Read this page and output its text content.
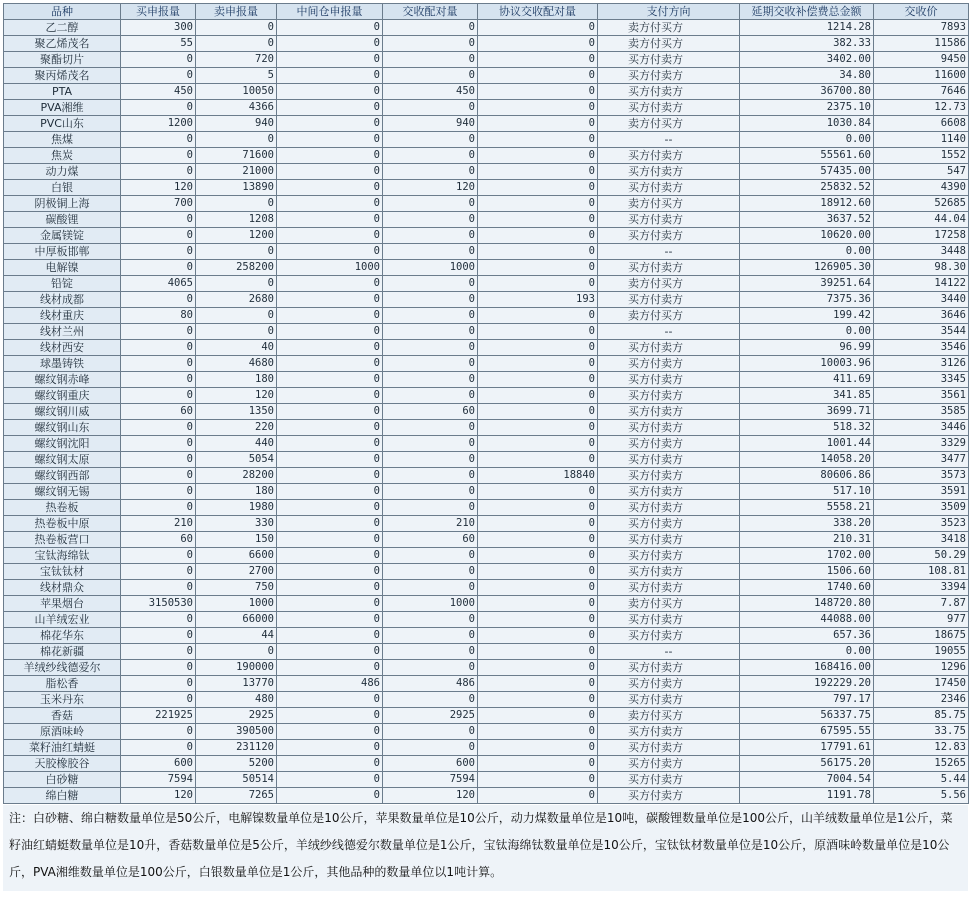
品种	买申报量	卖申报量	中间仓申报量	交收配对量	协议交收配对量	支付方向	延期交收补偿费总金额	交收价
乙二醇	300	0	0	0	0	卖方付买方	1214.28	7893
聚乙烯茂名	55	0	0	0	0	卖方付买方	382.33	11586
聚酯切片	0	720	0	0	0	买方付卖方	3402.00	9450
聚丙烯茂名	0	5	0	0	0	买方付卖方	34.80	11600
PTA	450	10050	0	450	0	买方付卖方	36700.80	7646
PVA湘维	0	4366	0	0	0	买方付卖方	2375.10	12.73
PVC山东	1200	940	0	940	0	卖方付买方	1030.84	6608
焦煤	0	0	0	0	0	--	0.00	1140
焦炭	0	71600	0	0	0	买方付卖方	55561.60	1552
动力煤	0	21000	0	0	0	买方付卖方	57435.00	547
白银	120	13890	0	120	0	买方付卖方	25832.52	4390
阴极铜上海	700	0	0	0	0	卖方付买方	18912.60	52685
碳酸锂	0	1208	0	0	0	买方付卖方	3637.52	44.04
金属镁锭	0	1200	0	0	0	买方付卖方	10620.00	17258
中厚板邯郸	0	0	0	0	0	--	0.00	3448
电解镍	0	258200	1000	1000	0	买方付卖方	126905.30	98.30
铅锭	4065	0	0	0	0	卖方付买方	39251.64	14122
线材成都	0	2680	0	0	193	买方付卖方	7375.36	3440
线材重庆	80	0	0	0	0	卖方付买方	199.42	3646
线材兰州	0	0	0	0	0	--	0.00	3544
线材西安	0	40	0	0	0	买方付卖方	96.99	3546
球墨铸铁	0	4680	0	0	0	买方付卖方	10003.96	3126
螺纹钢赤峰	0	180	0	0	0	买方付卖方	411.69	3345
螺纹钢重庆	0	120	0	0	0	买方付卖方	341.85	3561
螺纹钢川威	60	1350	0	60	0	买方付卖方	3699.71	3585
螺纹钢山东	0	220	0	0	0	买方付卖方	518.32	3446
螺纹钢沈阳	0	440	0	0	0	买方付卖方	1001.44	3329
螺纹钢太原	0	5054	0	0	0	买方付卖方	14058.20	3477
螺纹钢西部	0	28200	0	0	18840	买方付卖方	80606.86	3573
螺纹钢无锡	0	180	0	0	0	买方付卖方	517.10	3591
热卷板	0	1980	0	0	0	买方付卖方	5558.21	3509
热卷板中原	210	330	0	210	0	买方付卖方	338.20	3523
热卷板营口	60	150	0	60	0	买方付卖方	210.31	3418
宝钛海绵钛	0	6600	0	0	0	买方付卖方	1702.00	50.29
宝钛钛材	0	2700	0	0	0	买方付卖方	1506.60	108.81
线材鼎众	0	750	0	0	0	买方付卖方	1740.60	3394
苹果烟台	3150530	1000	0	1000	0	卖方付买方	148720.80	7.87
山羊绒宏业	0	66000	0	0	0	买方付卖方	44088.00	977
棉花华东	0	44	0	0	0	买方付卖方	657.36	18675
棉花新疆	0	0	0	0	0	--	0.00	19055
羊绒纱线德爱尔	0	190000	0	0	0	买方付卖方	168416.00	1296
脂松香	0	13770	486	486	0	买方付卖方	192229.20	17450
玉米丹东	0	480	0	0	0	买方付卖方	797.17	2346
香菇	221925	2925	0	2925	0	卖方付买方	56337.75	85.75
原酒味岭	0	390500	0	0	0	买方付卖方	67595.55	33.75
菜籽油红蜻蜓	0	231120	0	0	0	买方付卖方	17791.61	12.83
天胶橡胶谷	600	5200	0	600	0	买方付卖方	56175.20	15265
白砂糖	7594	50514	0	7594	0	买方付卖方	7004.54	5.44
绵白糖	120	7265	0	120	0	买方付卖方	1191.78	5.56
注：白砂糖、绵白糖数量单位是50公斤，电解镍数量单位是10公斤，苹果数量单位是10公斤，动力煤数量单位是10吨，碳酸锂数量单位是100公斤，山羊绒数量单位是1公斤，菜籽油红蜻蜓数量单位是10升，香菇数量单位是5公斤，羊绒纱线德爱尔数量单位是1公斤，宝钛海绵钛数量单位是10公斤，宝钛钛材数量单位是10公斤，原酒味岭数量单位是10公斤，PVA湘维数量单位是100公斤，白银数量单位是1公斤，其他品种的数量单位以1吨计算。
